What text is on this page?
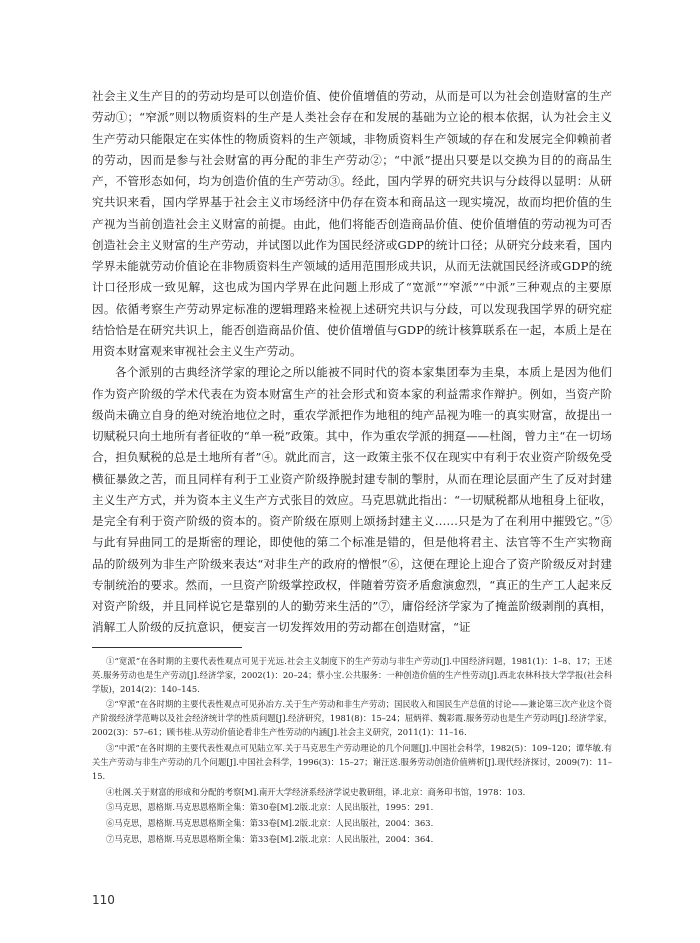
社会主义生产目的的劳动均是可以创造价值、使价值增值的劳动，从而是可以为社会创造财富的生产劳动①；“窄派”则以物质资料的生产是人类社会存在和发展的基础为立论的根本依据，认为社会主义生产劳动只能限定在实体性的物质资料的生产领域，非物质资料生产领域的存在和发展完全仰赖前者的劳动，因而是参与社会财富的再分配的非生产劳动②；“中派”提出只要是以交换为目的的商品生产，不管形态如何，均为创造价值的生产劳动③。经此，国内学界的研究共识与分歧得以显明：从研究共识来看，国内学界基于社会主义市场经济中仍存在资本和商品这一现实境况，故而均把价值的生产视为当前创造社会主义财富的前提。由此，他们将能否创造商品价值、使价值增值的劳动视为可否创造社会主义财富的生产劳动，并试图以此作为国民经济或GDP的统计口径；从研究分歧来看，国内学界未能就劳动价值论在非物质资料生产领域的适用范围形成共识，从而无法就国民经济或GDP的统计口径形成一致见解，这也成为国内学界在此问题上形成了“宽派”“窄派”“中派”三种观点的主要原因。依循考察生产劳动界定标准的逻辑理路来检视上述研究共识与分歧，可以发现我国学界的研究症结恰恰是在研究共识上，能否创造商品价值、使价值增值与GDP的统计核算联系在一起，本质上是在用资本财富观来审视社会主义生产劳动。

各个派别的古典经济学家的理论之所以能被不同时代的资本家集团奉为圭臬，本质上是因为他们作为资产阶级的学术代表在为资本财富生产的社会形式和资本家的利益需求作辩护。例如，当资产阶级尚未确立自身的绝对统治地位之时，重农学派把作为地租的纯产品视为唯一的真实财富，故提出一切赋税只向土地所有者征收的“单一税”政策。其中，作为重农学派的拥趸——杜阁，曾力主“在一切场合，担负赋税的总是土地所有者”④。就此而言，这一政策主张不仅在现实中有利于农业资产阶级免受横征暴敛之苦，而且同样有利于工业资产阶级挣脱封建专制的掣肘，从而在理论层面产生了反对封建主义生产方式，并为资本主义生产方式张目的效应。马克思就此指出：“一切赋税都从地租身上征收，是完全有利于资产阶级的资本的。资产阶级在原则上颂扬封建主义……只是为了在利用中摧毁它。”⑤与此有异曲同工的是斯密的理论，即使他的第二个标准是错的，但是他将君主、法官等不生产实物商品的阶级列为非生产阶级来表达“对非生产的政府的憎恨”⑥，这便在理论上迎合了资产阶级反对封建专制统治的要求。然而，一旦资产阶级掌控政权，伴随着劳资矛盾愈演愈烈，“真正的生产工人起来反对资产阶级，并且同样说它是靠别的人的勤劳来生活的”⑦，庸俗经济学家为了掩盖阶级剥削的真相，消解工人阶级的反抗意识，便妄言一切发挥效用的劳动都在创造财富，“证

①“宽派”在各时期的主要代表性观点可见于光远.社会主义制度下的生产劳动与非生产劳动[J].中国经济问题，1981(1)：1–8、17；王述英.服务劳动也是生产劳动[J].经济学家，2002(1)：20–24；蔡小宝.公共服务：一种创造价值的生产性劳动[J].西北农林科技大学学报(社会科学版)，2014(2)：140–145.

②“窄派”在各时期的主要代表性观点可见孙冶方.关于生产劳动和非生产劳动；国民收入和国民生产总值的讨论——兼论第三次产业这个资产阶级经济学范畴以及社会经济统计学的性质问题[J].经济研究，1981(8)：15–24；屈炳祥、魏彩霞.服务劳动也是生产劳动吗[J].经济学家，2002(3)：57–61；顾书桂.从劳动价值论看非生产性劳动的内涵[J].社会主义研究，2011(1)：11–16.

③“中派”在各时期的主要代表性观点可见陆立军.关于马克思生产劳动理论的几个问题[J].中国社会科学，1982(5)：109–120；谭华敏.有关生产劳动与非生产劳动的几个问题[J].中国社会科学，1996(3)：15–27；谢汪送.服务劳动创造价值辨析[J].现代经济探讨，2009(7)：11–15.

④杜阁.关于财富的形成和分配的考察[M].南开大学经济系经济学说史教研组，译.北京：商务印书馆，1978：103.

⑤马克思，恩格斯.马克思恩格斯全集：第30卷[M].2版.北京：人民出版社，1995：291.

⑥马克思，恩格斯.马克思恩格斯全集：第33卷[M].2版.北京：人民出版社，2004：363.

⑦马克思，恩格斯.马克思恩格斯全集：第33卷[M].2版.北京：人民出版社，2004：364.

110
